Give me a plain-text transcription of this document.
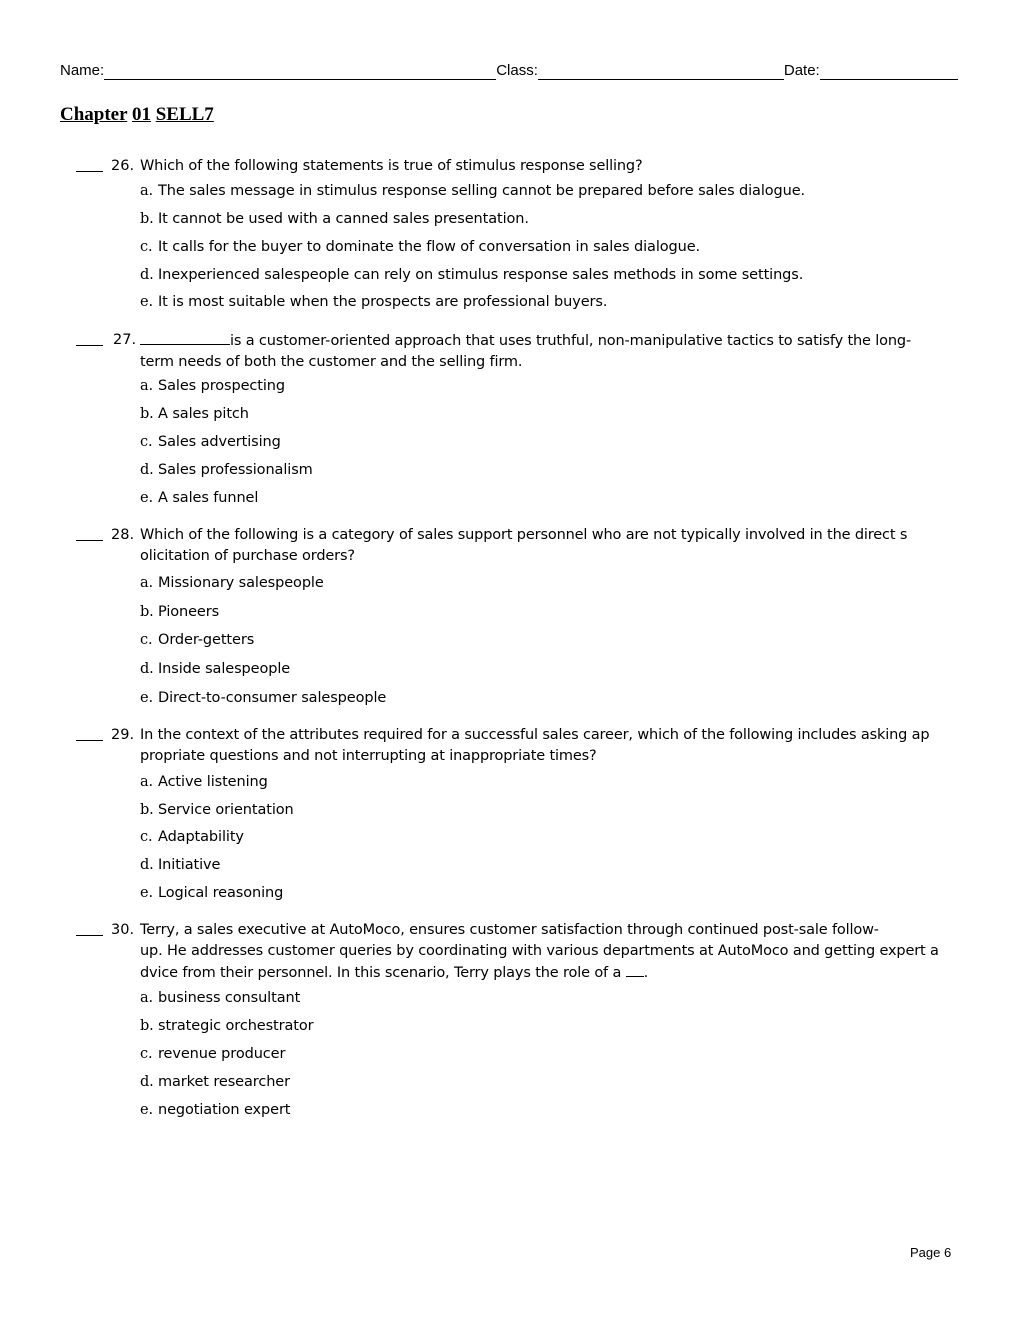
Name:	Class:	Date:
Chapter 01 SELL7
26. Which of the following statements is true of stimulus response selling?
a. The sales message in stimulus response selling cannot be prepared before sales dialogue.
b. It cannot be used with a canned sales presentation.
c. It calls for the buyer to dominate the flow of conversation in sales dialogue.
d. Inexperienced salespeople can rely on stimulus response sales methods in some settings.
e. It is most suitable when the prospects are professional buyers.
27.	is a customer-oriented approach that uses truthful, non-manipulative tactics to satisfy the long-
term needs of both the customer and the selling firm.
a. Sales prospecting
b. A sales pitch
c. Sales advertising
d. Sales professionalism
e. A sales funnel
28. Which of the following is a category of sales support personnel who are not typically involved in the direct s
olicitation of purchase orders?
a. Missionary salespeople
b. Pioneers
c. Order-getters
d. Inside salespeople
e. Direct-to-consumer salespeople
29. In the context of the attributes required for a successful sales career, which of the following includes asking ap
propriate questions and not interrupting at inappropriate times?
a. Active listening
b. Service orientation
c. Adaptability
d. Initiative
e. Logical reasoning
30. Terry, a sales executive at AutoMoco, ensures customer satisfaction through continued post-sale follow-
up. He addresses customer queries by coordinating with various departments at AutoMoco and getting expert a
dvice from their personnel. In this scenario, Terry plays the role of a .
a. business consultant
b. strategic orchestrator
c. revenue producer
d. market researcher
e. negotiation expert
Page 6
